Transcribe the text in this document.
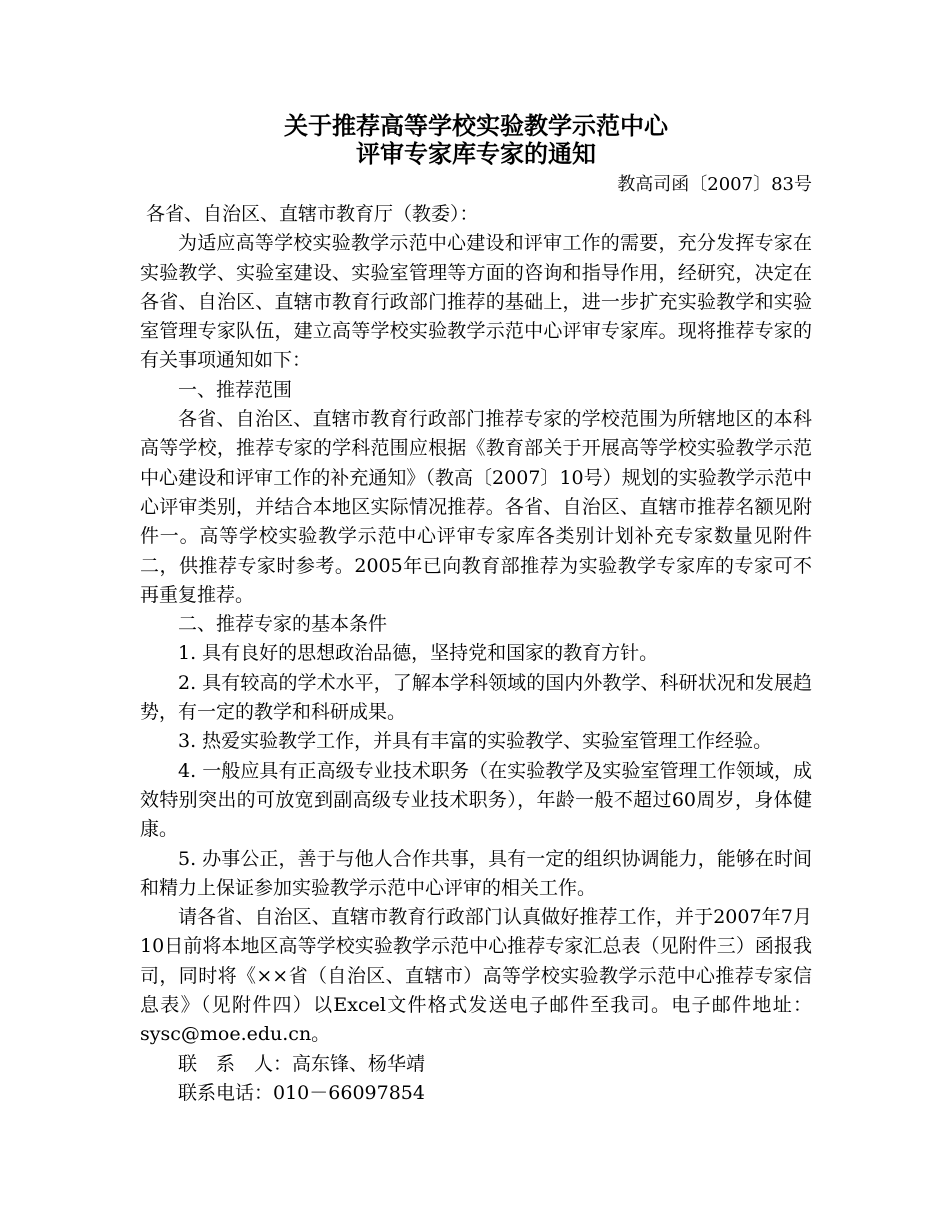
关于推荐高等学校实验教学示范中心
评审专家库专家的通知
教高司函〔2007〕83号
各省、自治区、直辖市教育厅（教委）：

为适应高等学校实验教学示范中心建设和评审工作的需要，充分发挥专家在实验教学、实验室建设、实验室管理等方面的咨询和指导作用，经研究，决定在各省、自治区、直辖市教育行政部门推荐的基础上，进一步扩充实验教学和实验室管理专家队伍，建立高等学校实验教学示范中心评审专家库。现将推荐专家的有关事项通知如下：

一、推荐范围

各省、自治区、直辖市教育行政部门推荐专家的学校范围为所辖地区的本科高等学校，推荐专家的学科范围应根据《教育部关于开展高等学校实验教学示范中心建设和评审工作的补充通知》（教高〔2007〕10号）规划的实验教学示范中心评审类别，并结合本地区实际情况推荐。各省、自治区、直辖市推荐名额见附件一。高等学校实验教学示范中心评审专家库各类别计划补充专家数量见附件二，供推荐专家时参考。2005年已向教育部推荐为实验教学专家库的专家可不再重复推荐。

二、推荐专家的基本条件

1. 具有良好的思想政治品德，坚持党和国家的教育方针。

2. 具有较高的学术水平，了解本学科领域的国内外教学、科研状况和发展趋势，有一定的教学和科研成果。

3. 热爱实验教学工作，并具有丰富的实验教学、实验室管理工作经验。

4. 一般应具有正高级专业技术职务（在实验教学及实验室管理工作领域，成效特别突出的可放宽到副高级专业技术职务），年龄一般不超过60周岁，身体健康。

5. 办事公正，善于与他人合作共事，具有一定的组织协调能力，能够在时间和精力上保证参加实验教学示范中心评审的相关工作。

请各省、自治区、直辖市教育行政部门认真做好推荐工作，并于2007年7月10日前将本地区高等学校实验教学示范中心推荐专家汇总表（见附件三）函报我司，同时将《××省（自治区、直辖市）高等学校实验教学示范中心推荐专家信息表》（见附件四）以Excel文件格式发送电子邮件至我司。电子邮件地址：sysc@moe.edu.cn。

联　系　人：高东锋、杨华靖

联系电话：010－66097854
